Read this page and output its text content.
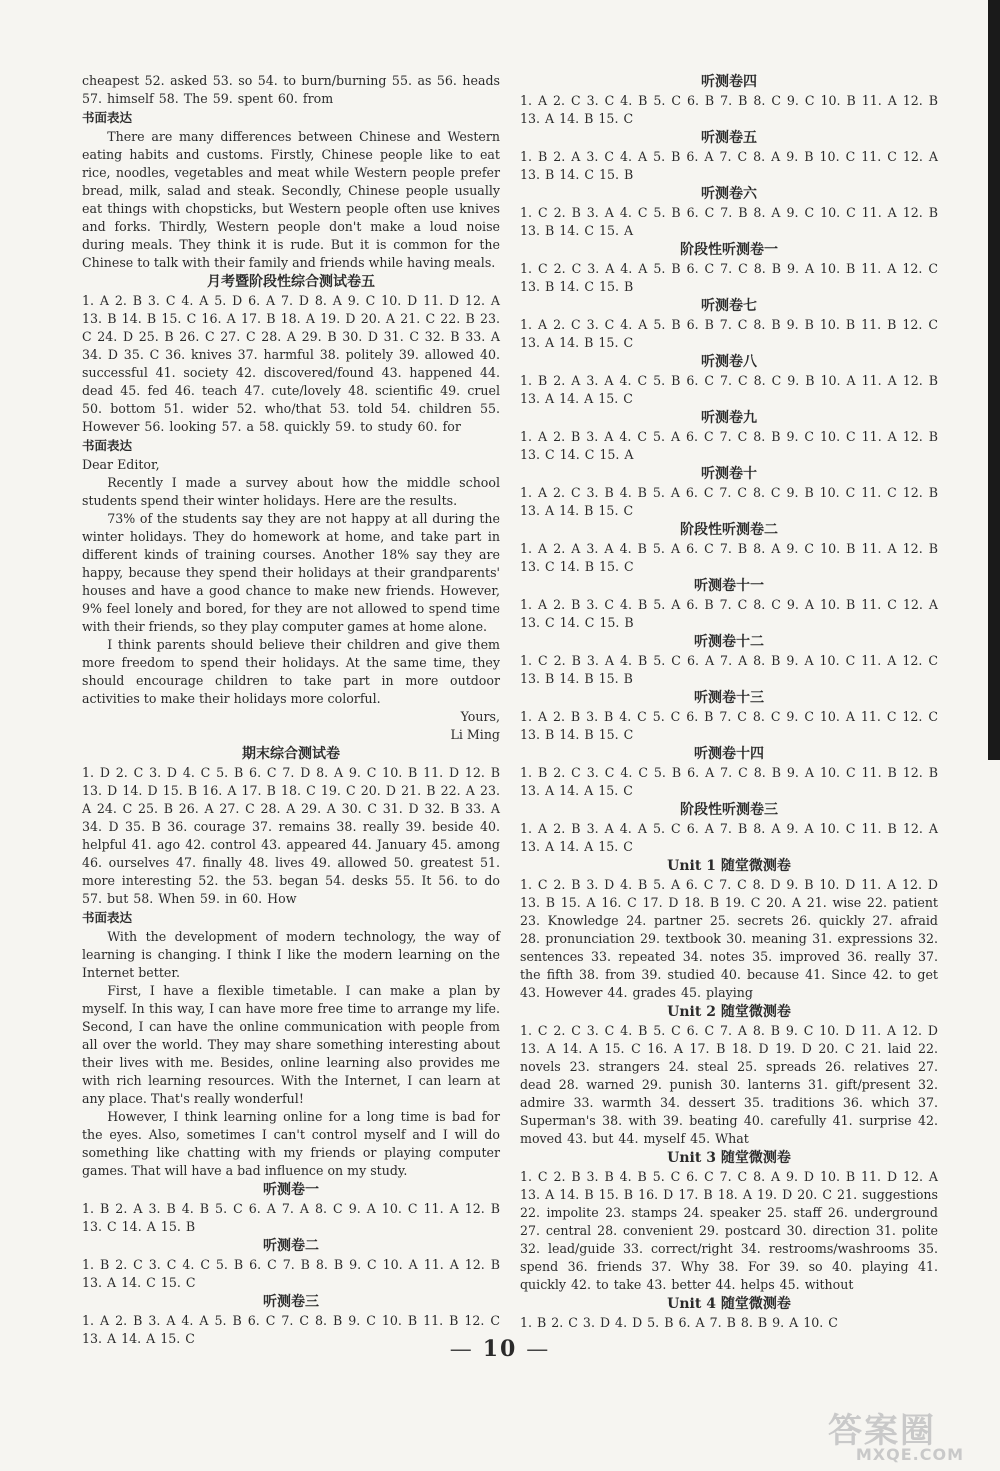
cheapest 52. asked 53. so 54. to burn/burning 55. as 56. heads 57. himself 58. The 59. spent 60. from

书面表达

There are many differences between Chinese and Western eating habits and customs. Firstly, Chinese people like to eat rice, noodles, vegetables and meat while Western people prefer bread, milk, salad and steak. Secondly, Chinese people usually eat things with chopsticks, but Western people often use knives and forks. Thirdly, Western people don't make a loud noise during meals. They think it is rude. But it is common for the Chinese to talk with their family and friends while having meals.

月考暨阶段性综合测试卷五

1. A 2. B 3. C 4. A 5. D 6. A 7. D 8. A 9. C 10. D 11. D 12. A 13. B 14. B 15. C 16. A 17. B 18. A 19. D 20. A 21. C 22. B 23. C 24. D 25. B 26. C 27. C 28. A 29. B 30. D 31. C 32. B 33. A 34. D 35. C 36. knives 37. harmful 38. politely 39. allowed 40. successful 41. society 42. discovered/found 43. happened 44. dead 45. fed 46. teach 47. cute/lovely 48. scientific 49. cruel 50. bottom 51. wider 52. who/that 53. told 54. children 55. However 56. looking 57. a 58. quickly 59. to study 60. for

书面表达

Dear Editor,

Recently I made a survey about how the middle school students spend their winter holidays. Here are the results.

73% of the students say they are not happy at all during the winter holidays. They do homework at home, and take part in different kinds of training courses. Another 18% say they are happy, because they spend their holidays at their grandparents' houses and have a good chance to make new friends. However, 9% feel lonely and bored, for they are not allowed to spend time with their friends, so they play computer games at home alone.

I think parents should believe their children and give them more freedom to spend their holidays. At the same time, they should encourage children to take part in more outdoor activities to make their holidays more colorful.

Yours,

Li Ming

期末综合测试卷

1. D 2. C 3. D 4. C 5. B 6. C 7. D 8. A 9. C 10. B 11. D 12. B 13. D 14. D 15. B 16. A 17. B 18. C 19. C 20. D 21. B 22. A 23. A 24. C 25. B 26. A 27. C 28. A 29. A 30. C 31. D 32. B 33. A 34. D 35. B 36. courage 37. remains 38. really 39. beside 40. helpful 41. ago 42. control 43. appeared 44. January 45. among 46. ourselves 47. finally 48. lives 49. allowed 50. greatest 51. more interesting 52. the 53. began 54. desks 55. It 56. to do 57. but 58. When 59. in 60. How

书面表达

With the development of modern technology, the way of learning is changing. I think I like the modern learning on the Internet better.

First, I have a flexible timetable. I can make a plan by myself. In this way, I can have more free time to arrange my life. Second, I can have the online communication with people from all over the world. They may share something interesting about their lives with me. Besides, online learning also provides me with rich learning resources. With the Internet, I can learn at any place. That's really wonderful!

However, I think learning online for a long time is bad for the eyes. Also, sometimes I can't control myself and I will do something like chatting with my friends or playing computer games. That will have a bad influence on my study.

听测卷一

1. B 2. A 3. B 4. B 5. C 6. A 7. A 8. C 9. A 10. C 11. A 12. B 13. C 14. A 15. B

听测卷二

1. B 2. C 3. C 4. C 5. B 6. C 7. B 8. B 9. C 10. A 11. A 12. B 13. A 14. C 15. C

听测卷三

1. A 2. B 3. A 4. A 5. B 6. C 7. C 8. B 9. C 10. B 11. B 12. C 13. A 14. A 15. C

听测卷四

1. A 2. C 3. C 4. B 5. C 6. B 7. B 8. C 9. C 10. B 11. A 12. B 13. A 14. B 15. C

听测卷五

1. B 2. A 3. C 4. A 5. B 6. A 7. C 8. A 9. B 10. C 11. C 12. A 13. B 14. C 15. B

听测卷六

1. C 2. B 3. A 4. C 5. B 6. C 7. B 8. A 9. C 10. C 11. A 12. B 13. B 14. C 15. A

阶段性听测卷一

1. C 2. C 3. A 4. A 5. B 6. C 7. C 8. B 9. A 10. B 11. A 12. C 13. B 14. C 15. B

听测卷七

1. A 2. C 3. C 4. A 5. B 6. B 7. C 8. B 9. B 10. B 11. B 12. C 13. A 14. B 15. C

听测卷八

1. B 2. A 3. A 4. C 5. B 6. C 7. C 8. C 9. B 10. A 11. A 12. B 13. A 14. A 15. C

听测卷九

1. A 2. B 3. A 4. C 5. A 6. C 7. C 8. B 9. C 10. C 11. A 12. B 13. C 14. C 15. A

听测卷十

1. A 2. C 3. B 4. B 5. A 6. C 7. C 8. C 9. B 10. C 11. C 12. B 13. A 14. B 15. C

阶段性听测卷二

1. A 2. A 3. A 4. B 5. A 6. C 7. B 8. A 9. C 10. B 11. A 12. B 13. C 14. B 15. C

听测卷十一

1. A 2. B 3. C 4. B 5. A 6. B 7. C 8. C 9. A 10. B 11. C 12. A 13. C 14. C 15. B

听测卷十二

1. C 2. B 3. A 4. B 5. C 6. A 7. A 8. B 9. A 10. C 11. A 12. C 13. B 14. B 15. B

听测卷十三

1. A 2. B 3. B 4. C 5. C 6. B 7. C 8. C 9. C 10. A 11. C 12. C 13. B 14. B 15. C

听测卷十四

1. B 2. C 3. C 4. C 5. B 6. A 7. C 8. B 9. A 10. C 11. B 12. B 13. A 14. A 15. C

阶段性听测卷三

1. A 2. B 3. A 4. A 5. C 6. A 7. B 8. A 9. A 10. C 11. B 12. A 13. A 14. A 15. C

Unit 1 随堂微测卷

1. C 2. B 3. D 4. B 5. A 6. C 7. C 8. D 9. B 10. D 11. A 12. D 13. B 15. A 16. C 17. D 18. B 19. C 20. A 21. wise 22. patient 23. Knowledge 24. partner 25. secrets 26. quickly 27. afraid 28. pronunciation 29. textbook 30. meaning 31. expressions 32. sentences 33. repeated 34. notes 35. improved 36. really 37. the fifth 38. from 39. studied 40. because 41. Since 42. to get 43. However 44. grades 45. playing

Unit 2 随堂微测卷

1. C 2. C 3. C 4. B 5. C 6. C 7. A 8. B 9. C 10. D 11. A 12. D 13. A 14. A 15. C 16. A 17. B 18. D 19. D 20. C 21. laid 22. novels 23. strangers 24. steal 25. spreads 26. relatives 27. dead 28. warned 29. punish 30. lanterns 31. gift/present 32. admire 33. warmth 34. dessert 35. traditions 36. which 37. Superman's 38. with 39. beating 40. carefully 41. surprise 42. moved 43. but 44. myself 45. What

Unit 3 随堂微测卷

1. C 2. B 3. B 4. B 5. C 6. C 7. C 8. A 9. D 10. B 11. D 12. A 13. A 14. B 15. B 16. D 17. B 18. A 19. D 20. C 21. suggestions 22. impolite 23. stamps 24. speaker 25. staff 26. underground 27. central 28. convenient 29. postcard 30. direction 31. polite 32. lead/guide 33. correct/right 34. restrooms/washrooms 35. spend 36. friends 37. Why 38. For 39. so 40. playing 41. quickly 42. to take 43. better 44. helps 45. without

Unit 4 随堂微测卷

1. B 2. C 3. D 4. D 5. B 6. A 7. B 8. B 9. A 10. C

— 10 —
答案圈
MXQE.COM
